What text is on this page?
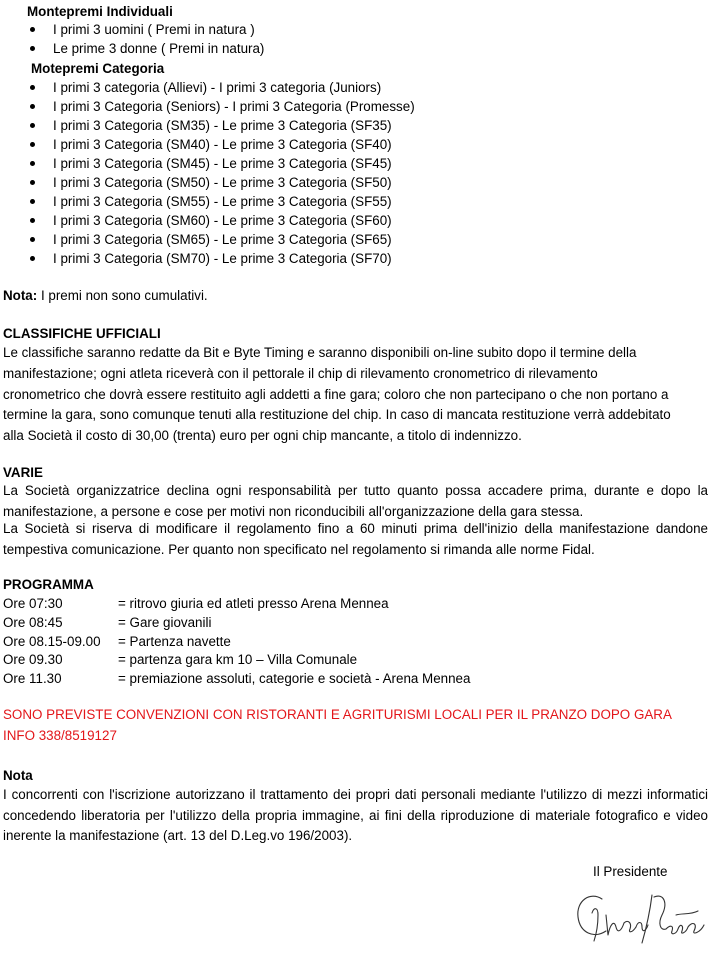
Montepremi Individuali
I primi 3 uomini ( Premi in natura )
Le prime 3 donne ( Premi in natura)
Motepremi Categoria
I primi 3 categoria (Allievi) - I primi 3 categoria (Juniors)
I primi 3 Categoria (Seniors) - I primi 3 Categoria (Promesse)
I primi 3 Categoria (SM35) - Le prime 3 Categoria (SF35)
I primi 3 Categoria (SM40) - Le prime 3 Categoria (SF40)
I primi 3 Categoria (SM45) - Le prime 3 Categoria (SF45)
I primi 3 Categoria (SM50) - Le prime 3 Categoria (SF50)
I primi 3 Categoria (SM55) - Le prime 3 Categoria (SF55)
I primi 3 Categoria (SM60) - Le prime 3 Categoria (SF60)
I primi 3 Categoria (SM65) - Le prime 3 Categoria (SF65)
I primi 3 Categoria (SM70) - Le prime 3 Categoria (SF70)
Nota: I premi non sono cumulativi.
CLASSIFICHE UFFICIALI
Le classifiche saranno redatte da Bit e Byte Timing e saranno disponibili on-line subito dopo il termine della
manifestazione; ogni atleta riceverà con il pettorale il chip di rilevamento cronometrico di rilevamento
cronometrico che dovrà essere restituito agli addetti a fine gara; coloro che non partecipano o che non portano a
termine la gara, sono comunque tenuti alla restituzione del chip. In caso di mancata restituzione verrà addebitato
alla Società il costo di 30,00 (trenta) euro per ogni chip mancante, a titolo di indennizzo.
VARIE
La Società organizzatrice declina ogni responsabilità per tutto quanto possa accadere prima, durante e dopo la manifestazione, a persone e cose per motivi non riconducibili all'organizzazione della gara stessa.
La Società si riserva di modificare il regolamento fino a 60 minuti prima dell'inizio della manifestazione dandone tempestiva comunicazione. Per quanto non specificato nel regolamento si rimanda alle norme Fidal.
PROGRAMMA
Ore 07:30	= ritrovo giuria ed atleti presso Arena Mennea
Ore 08:45	= Gare giovanili
Ore 08.15-09.00	= Partenza navette
Ore 09.30	= partenza gara km 10 – Villa Comunale
Ore 11.30	= premiazione assoluti, categorie e società - Arena Mennea
SONO PREVISTE CONVENZIONI CON RISTORANTI E AGRITURISMI LOCALI PER IL PRANZO DOPO GARA
INFO 338/8519127
Nota
I concorrenti con l'iscrizione autorizzano il trattamento dei propri dati personali mediante l'utilizzo di mezzi informatici concedendo liberatoria per l'utilizzo della propria immagine, ai fini della riproduzione di materiale fotografico e video inerente la manifestazione (art. 13 del D.Leg.vo 196/2003).
Il Presidente
